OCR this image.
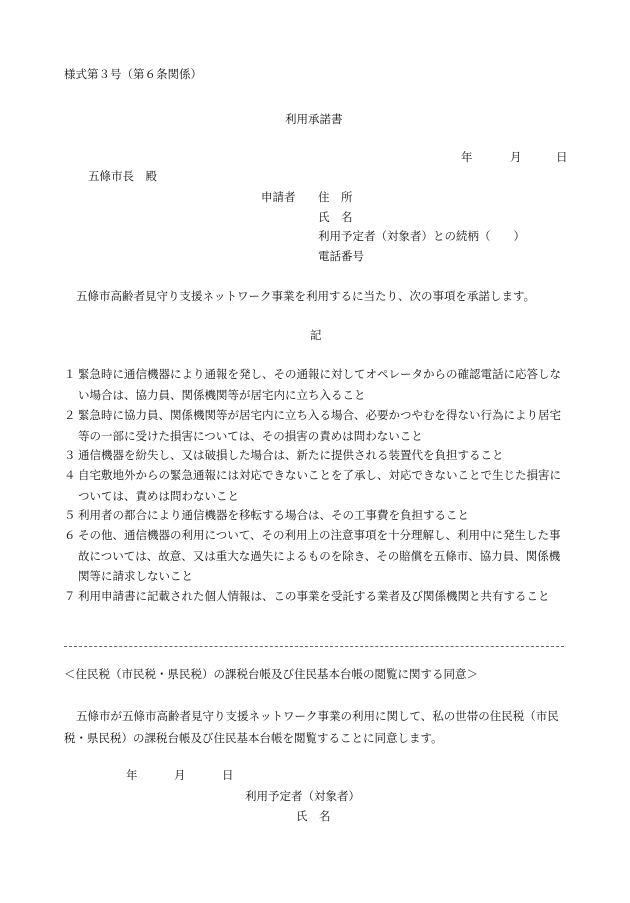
様式第３号（第６条関係）
利用承諾書
年	月	日
五條市長　殿
申請者 住　所
氏　名
利用予定者（対象者）との続柄（　　）
電話番号
五條市高齢者見守り支援ネットワーク事業を利用するに当たり、次の事項を承諾します。
記
１ 緊急時に通信機器により通報を発し、その通報に対してオペレータからの確認電話に応答しない場合は、協力員、関係機関等が居宅内に立ち入ること
２ 緊急時に協力員、関係機関等が居宅内に立ち入る場合、必要かつやむを得ない行為により居宅等の一部に受けた損害については、その損害の責めは問わないこと
３ 通信機器を紛失し、又は破損した場合は、新たに提供される装置代を負担すること
４ 自宅敷地外からの緊急通報には対応できないことを了承し、対応できないことで生じた損害については、責めは問わないこと
５ 利用者の都合により通信機器を移転する場合は、その工事費を負担すること
６ その他、通信機器の利用について、その利用上の注意事項を十分理解し、利用中に発生した事故については、故意、又は重大な過失によるものを除き、その賠償を五條市、協力員、関係機関等に請求しないこと
７ 利用申請書に記載された個人情報は、この事業を受託する業者及び関係機関と共有すること
＜住民税（市民税・県民税）の課税台帳及び住民基本台帳の閲覧に関する同意＞
五條市が五條市高齢者見守り支援ネットワーク事業の利用に関して、私の世帯の住民税（市民税・県民税）の課税台帳及び住民基本台帳を閲覧することに同意します。
年	月	日
利用予定者（対象者）
氏　名
